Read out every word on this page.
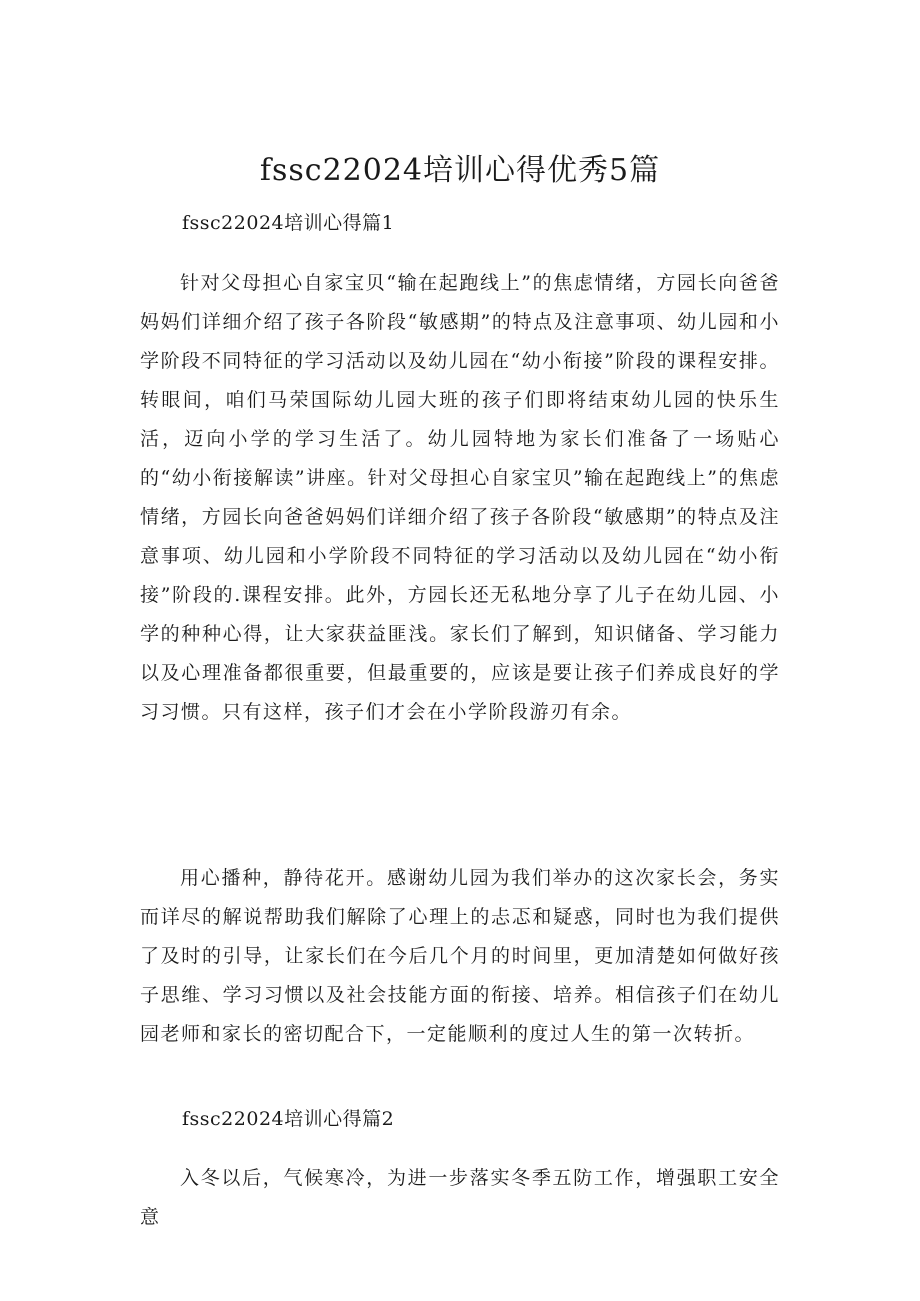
fssc22024培训心得优秀5篇
fssc22024培训心得篇1

针对父母担心自家宝贝“输在起跑线上”的焦虑情绪，方园长向爸爸妈妈们详细介绍了孩子各阶段“敏感期”的特点及注意事项、幼儿园和小学阶段不同特征的学习活动以及幼儿园在“幼小衔接”阶段的课程安排。转眼间，咱们马荣国际幼儿园大班的孩子们即将结束幼儿园的快乐生活，迈向小学的学习生活了。幼儿园特地为家长们准备了一场贴心的“幼小衔接解读”讲座。针对父母担心自家宝贝”输在起跑线上”的焦虑情绪，方园长向爸爸妈妈们详细介绍了孩子各阶段“敏感期”的特点及注意事项、幼儿园和小学阶段不同特征的学习活动以及幼儿园在“幼小衔接”阶段的.课程安排。此外，方园长还无私地分享了儿子在幼儿园、小学的种种心得，让大家获益匪浅。家长们了解到，知识储备、学习能力以及心理准备都很重要，但最重要的，应该是要让孩子们养成良好的学习习惯。只有这样，孩子们才会在小学阶段游刃有余。

用心播种，静待花开。感谢幼儿园为我们举办的这次家长会，务实而详尽的解说帮助我们解除了心理上的忐忑和疑惑，同时也为我们提供了及时的引导，让家长们在今后几个月的时间里，更加清楚如何做好孩子思维、学习习惯以及社会技能方面的衔接、培养。相信孩子们在幼儿园老师和家长的密切配合下，一定能顺利的度过人生的第一次转折。

fssc22024培训心得篇2

入冬以后，气候寒冷，为进一步落实冬季五防工作，增强职工安全意
